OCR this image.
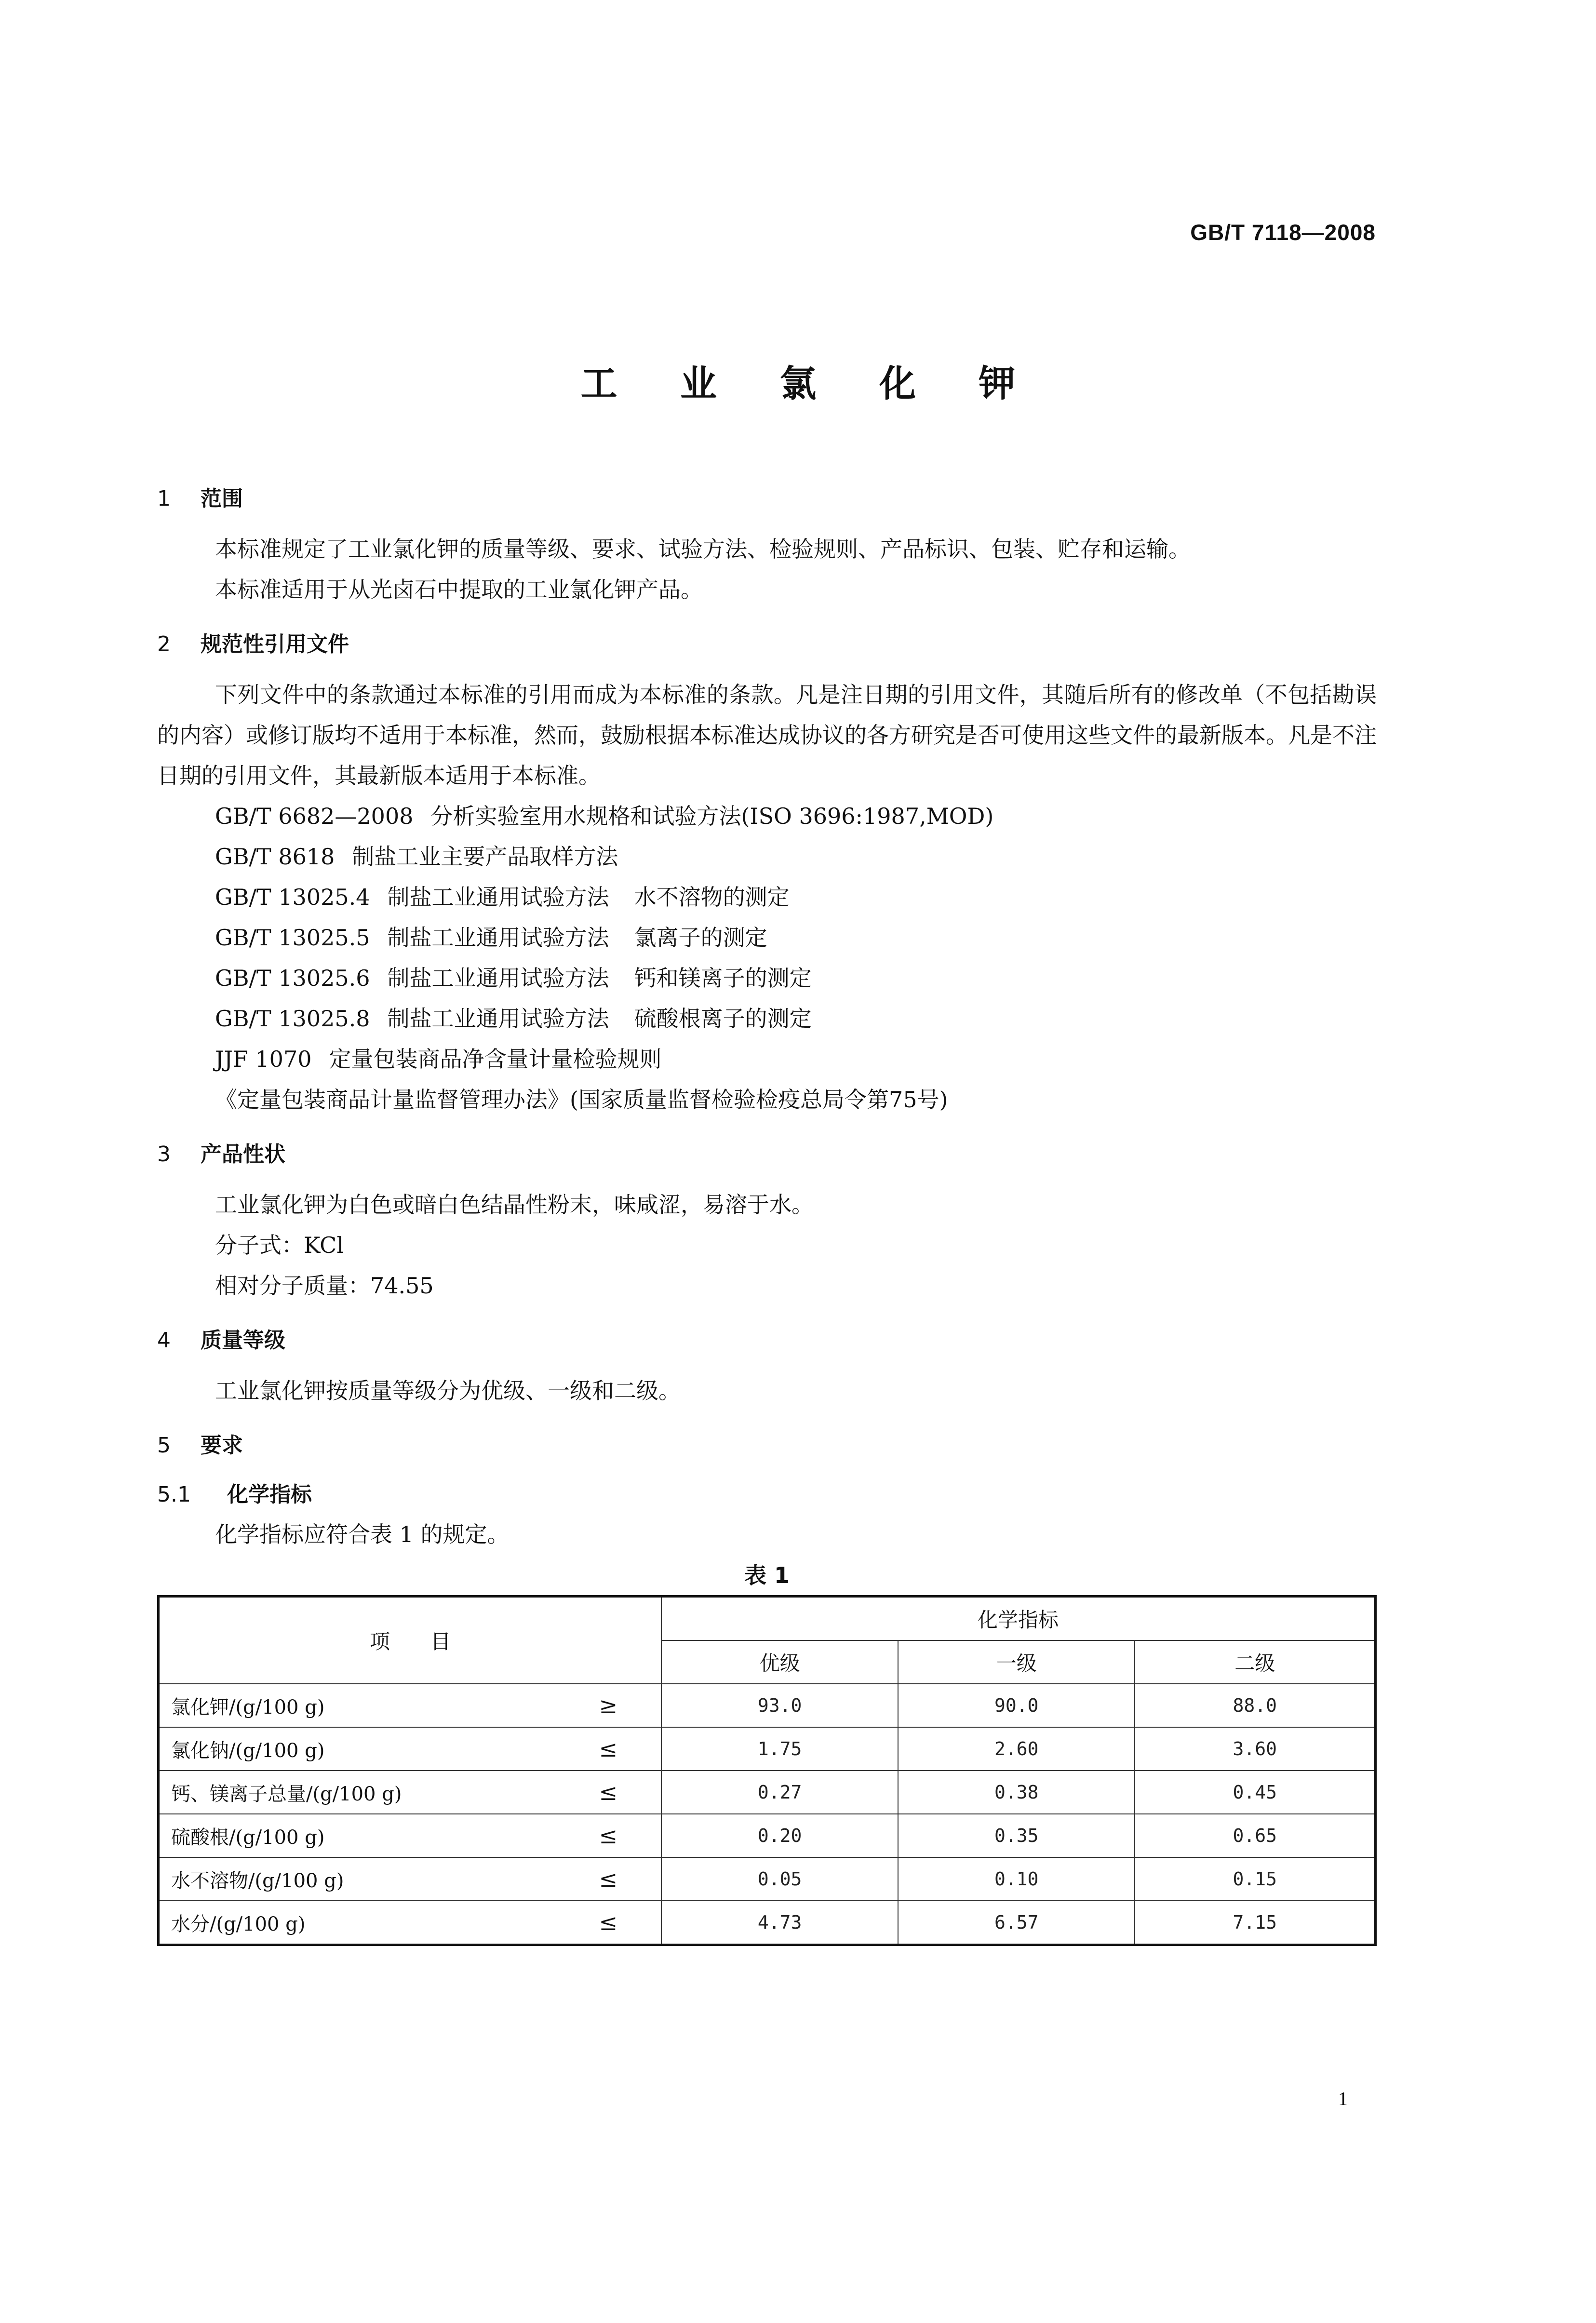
GB/T 7118—2008
工 业 氯 化 钾
1 范围

本标准规定了工业氯化钾的质量等级、要求、试验方法、检验规则、产品标识、包装、贮存和运输。

本标准适用于从光卤石中提取的工业氯化钾产品。

2 规范性引用文件

下列文件中的条款通过本标准的引用而成为本标准的条款。凡是注日期的引用文件，其随后所有的修改单（不包括勘误的内容）或修订版均不适用于本标准，然而，鼓励根据本标准达成协议的各方研究是否可使用这些文件的最新版本。凡是不注日期的引用文件，其最新版本适用于本标准。

GB/T 6682—2008 分析实验室用水规格和试验方法(ISO 3696:1987,MOD)
GB/T 8618 制盐工业主要产品取样方法
GB/T 13025.4 制盐工业通用试验方法 水不溶物的测定
GB/T 13025.5 制盐工业通用试验方法 氯离子的测定
GB/T 13025.6 制盐工业通用试验方法 钙和镁离子的测定
GB/T 13025.8 制盐工业通用试验方法 硫酸根离子的测定
JJF 1070 定量包装商品净含量计量检验规则
《定量包装商品计量监督管理办法》(国家质量监督检验检疫总局令第75号)
3 产品性状

工业氯化钾为白色或暗白色结晶性粉末，味咸涩，易溶于水。

分子式：KCl

相对分子质量：74.55

4 质量等级

工业氯化钾按质量等级分为优级、一级和二级。

5 要求
5.1 化学指标

化学指标应符合表 1 的规定。

表 1
项　　目	化学指标		
	优级	一级	二级
氯化钾/(g/100 g) ≥	93.0	90.0	88.0
氯化钠/(g/100 g) ≤	1.75	2.60	3.60
钙、镁离子总量/(g/100 g) ≤	0.27	0.38	0.45
硫酸根/(g/100 g) ≤	0.20	0.35	0.65
水不溶物/(g/100 g) ≤	0.05	0.10	0.15
水分/(g/100 g) ≤	4.73	6.57	7.15
1
